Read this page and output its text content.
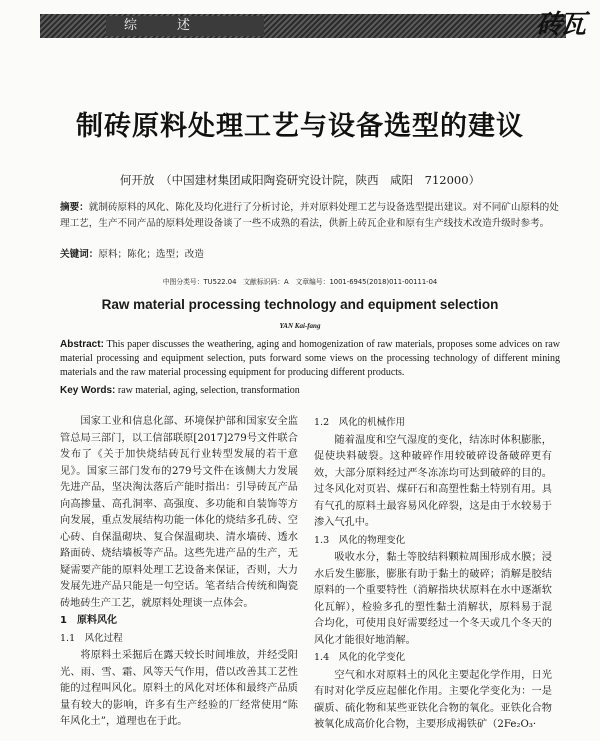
综述	砖瓦
制砖原料处理工艺与设备选型的建议
何开放　（中国建材集团咸阳陶瓷研究设计院，陕西　咸阳　712000）
摘要：就制砖原料的风化、陈化及均化进行了分析讨论，并对原料处理工艺与设备选型提出建议。对不同矿山原料的处理工艺，生产不同产品的原料处理设备谈了一些不成熟的看法，供新上砖瓦企业和原有生产线技术改造升级时参考。
关键词：原料；陈化；选型；改造
中图分类号：TU522.04　文献标识码：A　文章编号：1001-6945(2018)011-00111-04
Raw material processing technology and equipment selection
YAN Kai-fang
Abstract: This paper discusses the weathering, aging and homogenization of raw materials, proposes some advices on raw material processing and equipment selection, puts forward some views on the processing technology of different mining materials and the raw material processing equipment for producing different products.
Key Words: raw material, aging, selection, transformation

国家工业和信息化部、环境保护部和国家安全监管总局三部门，以工信部联原[2017]279号文件联合发布了《关于加快烧结砖瓦行业转型发展的若干意见》。国家三部门发布的279号文件在该侧大力发展先进产品，坚决淘汰落后产能时指出：引导砖瓦产品向高掺量、高孔洞率、高强度、多功能和自装饰等方向发展，重点发展结构功能一体化的烧结多孔砖、空心砖、自保温砌块、复合保温砌块、清水墙砖、透水路面砖、烧结墙板等产品。这些先进产品的生产，无疑需要产能的原料处理工艺设备来保证，否则，大力发展先进产品只能是一句空话。笔者结合传统和陶瓷砖地砖生产工艺，就原料处理谈一点体会。

1　原料风化

1.1　风化过程

将原料土采掘后在露天较长时间堆放，并经受阳光、雨、雪、霜、风等天气作用，借以改善其工艺性能的过程叫风化。原料土的风化对坯体和最终产品质量有较大的影响，许多有生产经验的厂经常使用“陈年风化土”，道理也在于此。

1.2　风化的机械作用

随着温度和空气湿度的变化，结冻时体积膨胀，促使块料破裂。这种破碎作用较破碎设备破碎更有效，大部分原料经过严冬冻冻均可达到破碎的目的。过冬风化对页岩、煤矸石和高塑性黏土特别有用。具有气孔的原料土最容易风化碎裂，这是由于水较易于渗入气孔中。

1.3　风化的物理变化

吸收水分，黏土等胶结料颗粒周围形成水膜；浸水后发生膨胀，膨胀有助于黏土的破碎；消解是胶结原料的一个重要特性（消解指块状原料在水中逐渐软化瓦解），检验多孔的塑性黏土消解状，原料易于混合均化，可使用良好需要经过一个冬天或几个冬天的风化才能很好地消解。

1.4　风化的化学变化

空气和水对原料土的风化主要起化学作用，日光有时对化学反应起催化作用。主要化学变化为：一是碳质、硫化物和某些亚铁化合物的氧化。亚铁化合物被氧化成高价化合物，主要形成褐铁矿（2Fe₂O₃·
